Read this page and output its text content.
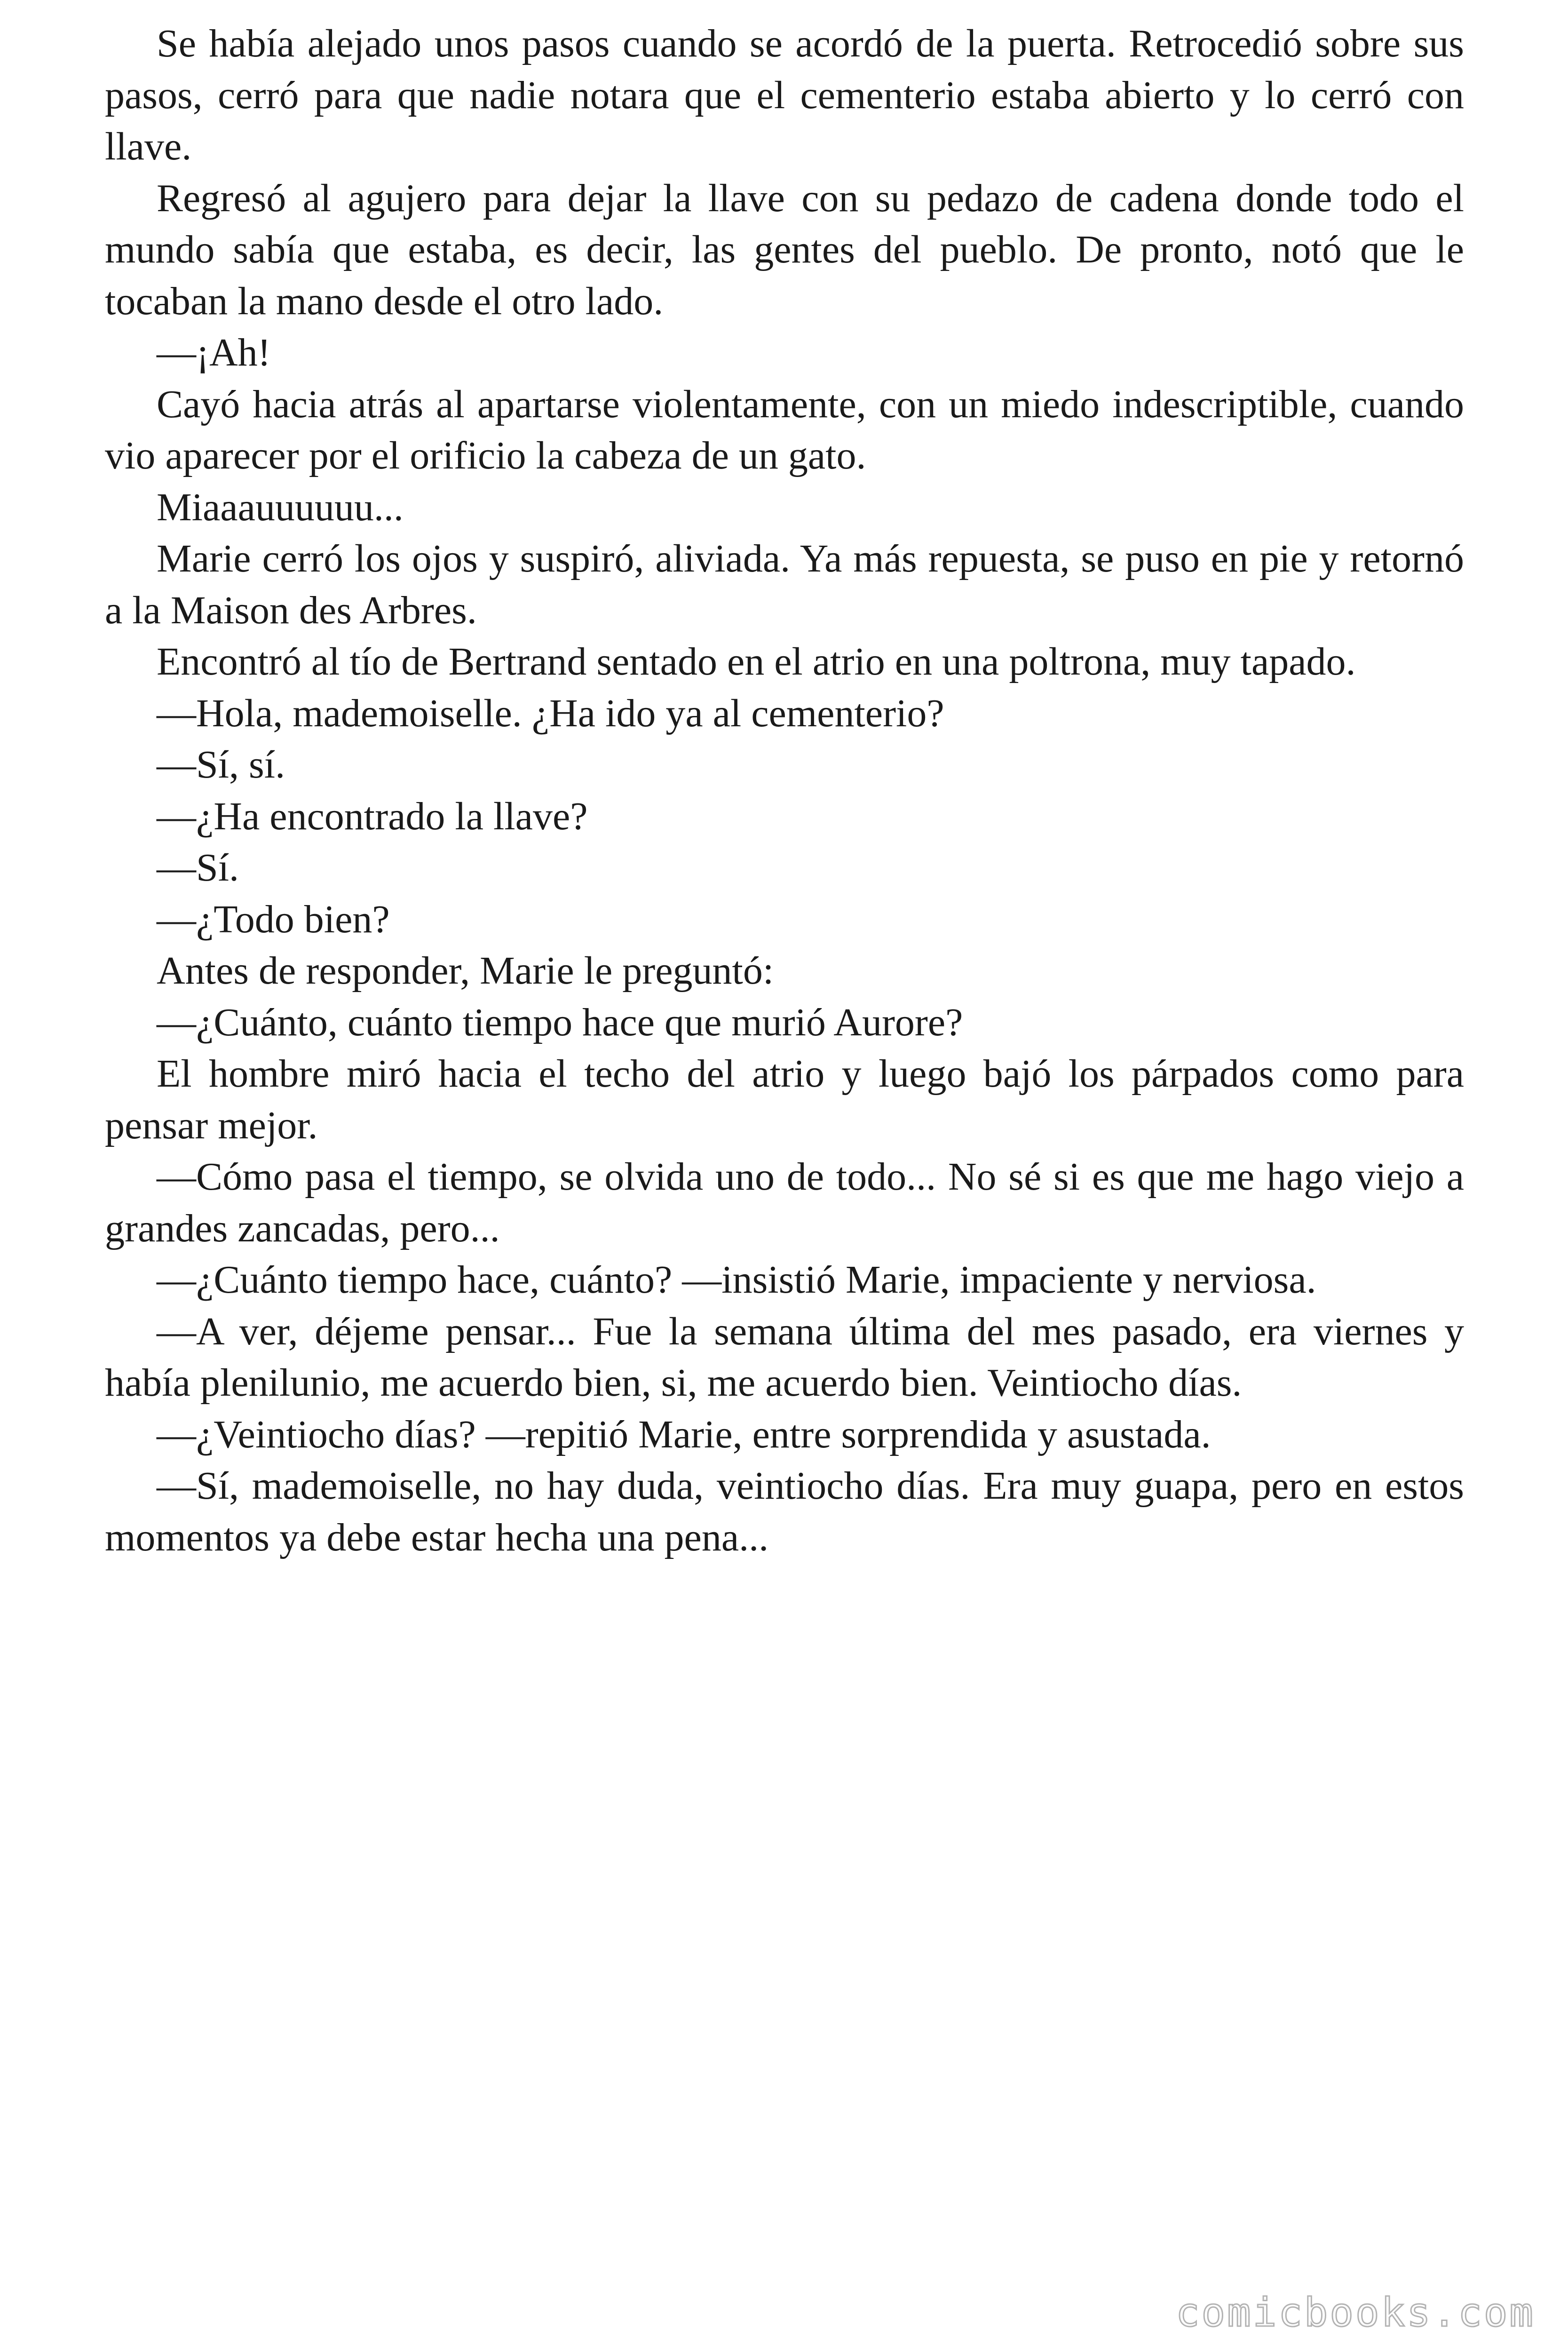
Se había alejado unos pasos cuando se acordó de la puerta. Retrocedió sobre sus pasos, cerró para que nadie notara que el cementerio estaba abierto y lo cerró con llave.

Regresó al agujero para dejar la llave con su pedazo de cadena donde todo el mundo sabía que estaba, es decir, las gentes del pueblo. De pronto, notó que le tocaban la mano desde el otro lado.

—¡Ah!

Cayó hacia atrás al apartarse violentamente, con un miedo indescriptible, cuando vio aparecer por el orificio la cabeza de un gato.

Miaaauuuuuu...

Marie cerró los ojos y suspiró, aliviada. Ya más repuesta, se puso en pie y retornó a la Maison des Arbres.

Encontró al tío de Bertrand sentado en el atrio en una poltrona, muy tapado.

—Hola, mademoiselle. ¿Ha ido ya al cementerio?

—Sí, sí.

—¿Ha encontrado la llave?

—Sí.

—¿Todo bien?

Antes de responder, Marie le preguntó:

—¿Cuánto, cuánto tiempo hace que murió Aurore?

El hombre miró hacia el techo del atrio y luego bajó los párpados como para pensar mejor.

—Cómo pasa el tiempo, se olvida uno de todo... No sé si es que me hago viejo a grandes zancadas, pero...

—¿Cuánto tiempo hace, cuánto? —insistió Marie, impaciente y nerviosa.

—A ver, déjeme pensar... Fue la semana última del mes pasado, era viernes y había plenilunio, me acuerdo bien, si, me acuerdo bien. Veintiocho días.

—¿Veintiocho días? —repitió Marie, entre sorprendida y asustada.

—Sí, mademoiselle, no hay duda, veintiocho días. Era muy guapa, pero en estos momentos ya debe estar hecha una pena...

comicbooks.com
